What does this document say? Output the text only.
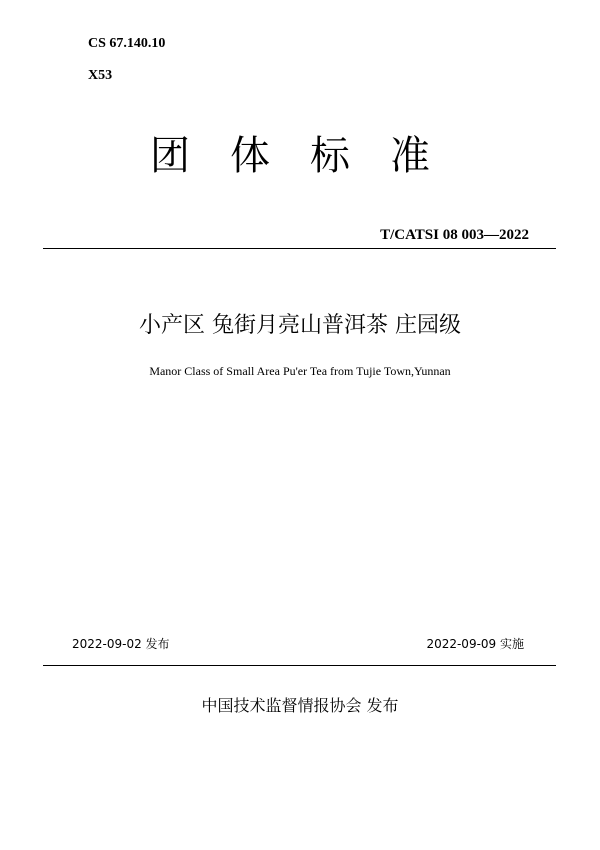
CS 67.140.10
X53
团体标准
T/CATSI 08 003—2022
小产区 兔街月亮山普洱茶 庄园级
Manor Class of Small Area Pu'er Tea from Tujie Town,Yunnan
2022-09-02 发布	2022-09-09 实施
中国技术监督情报协会 发布
